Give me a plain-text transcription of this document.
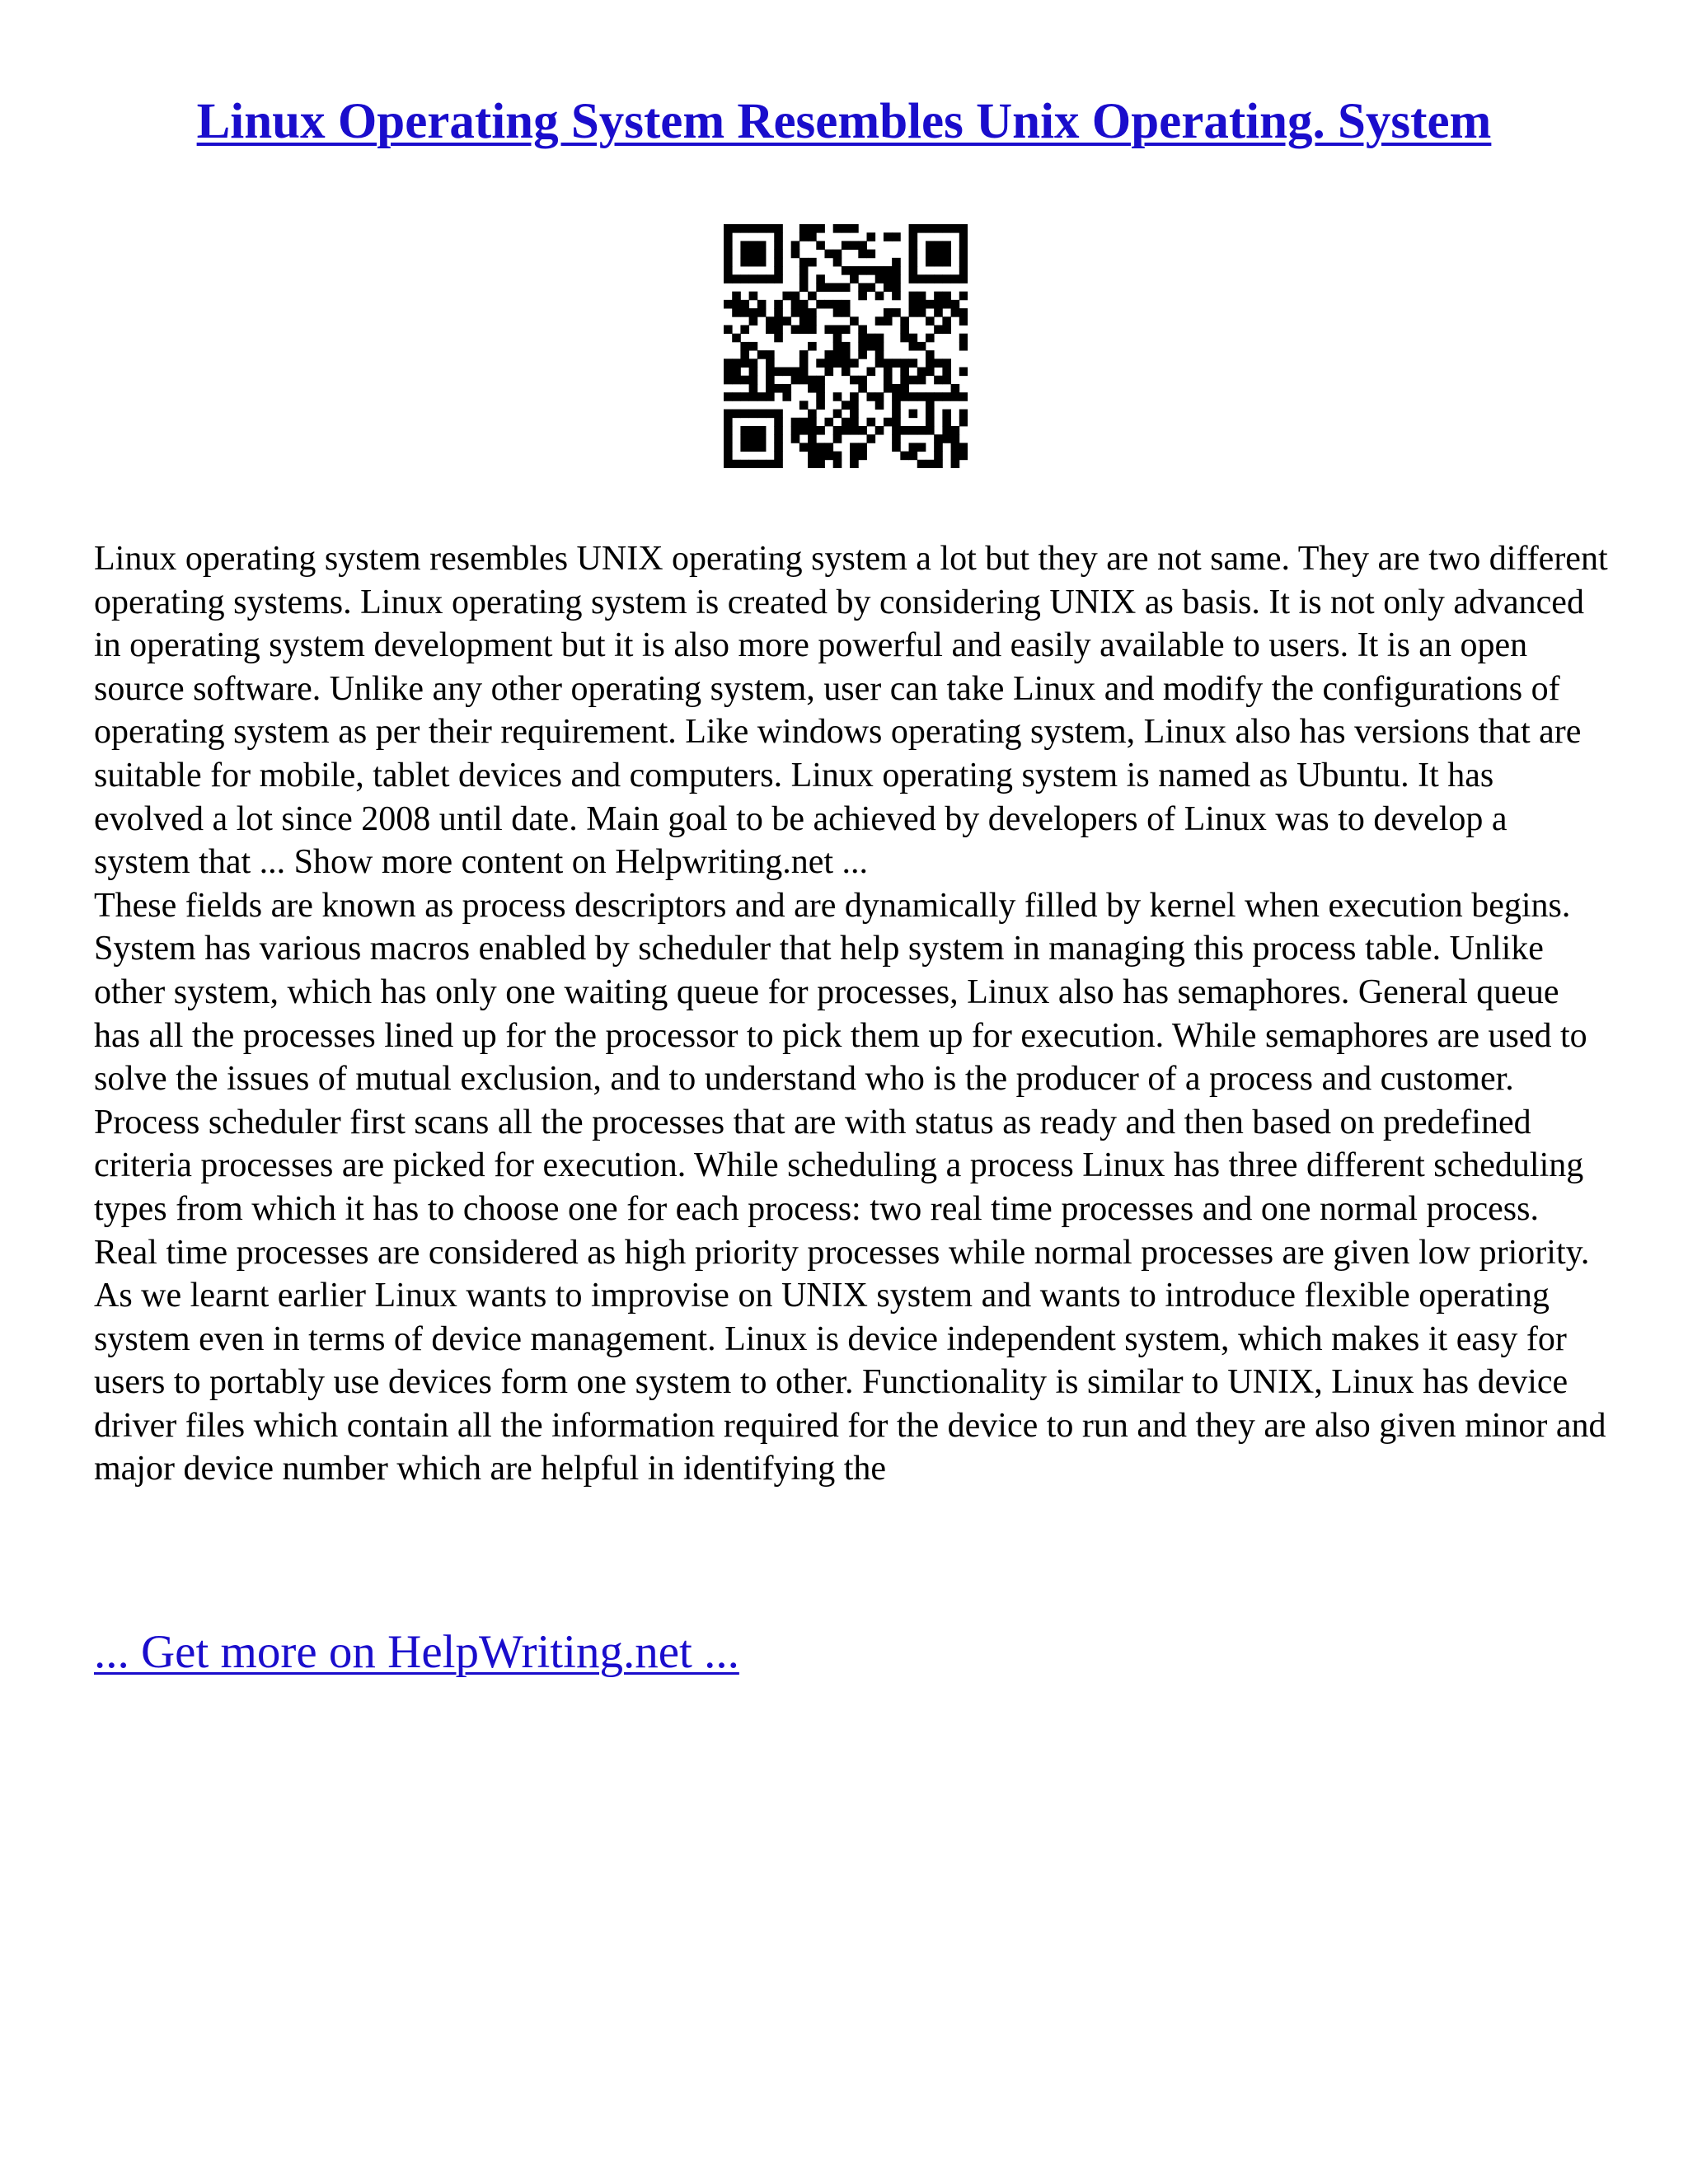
Linux Operating System Resembles Unix Operating. System

Linux operating system resembles UNIX operating system a lot but they are not same. They are two different operating systems. Linux operating system is created by considering UNIX as basis. It is not only advanced in operating system development but it is also more powerful and easily available to users. It is an open source software. Unlike any other operating system, user can take Linux and modify the configurations of operating system as per their requirement. Like windows operating system, Linux also has versions that are suitable for mobile, tablet devices and computers. Linux operating system is named as Ubuntu. It has evolved a lot since 2008 until date. Main goal to be achieved by developers of Linux was to develop a system that ... Show more content on Helpwriting.net ...

These fields are known as process descriptors and are dynamically filled by kernel when execution begins. System has various macros enabled by scheduler that help system in managing this process table. Unlike other system, which has only one waiting queue for processes, Linux also has semaphores. General queue has all the processes lined up for the processor to pick them up for execution. While semaphores are used to solve the issues of mutual exclusion, and to understand who is the producer of a process and customer. Process scheduler first scans all the processes that are with status as ready and then based on predefined criteria processes are picked for execution. While scheduling a process Linux has three different scheduling types from which it has to choose one for each process: two real time processes and one normal process. Real time processes are considered as high priority processes while normal processes are given low priority. As we learnt earlier Linux wants to improvise on UNIX system and wants to introduce flexible operating system even in terms of device management. Linux is device independent system, which makes it easy for users to portably use devices form one system to other. Functionality is similar to UNIX, Linux has device driver files which contain all the information required for the device to run and they are also given minor and major device number which are helpful in identifying the

... Get more on HelpWriting.net ...
